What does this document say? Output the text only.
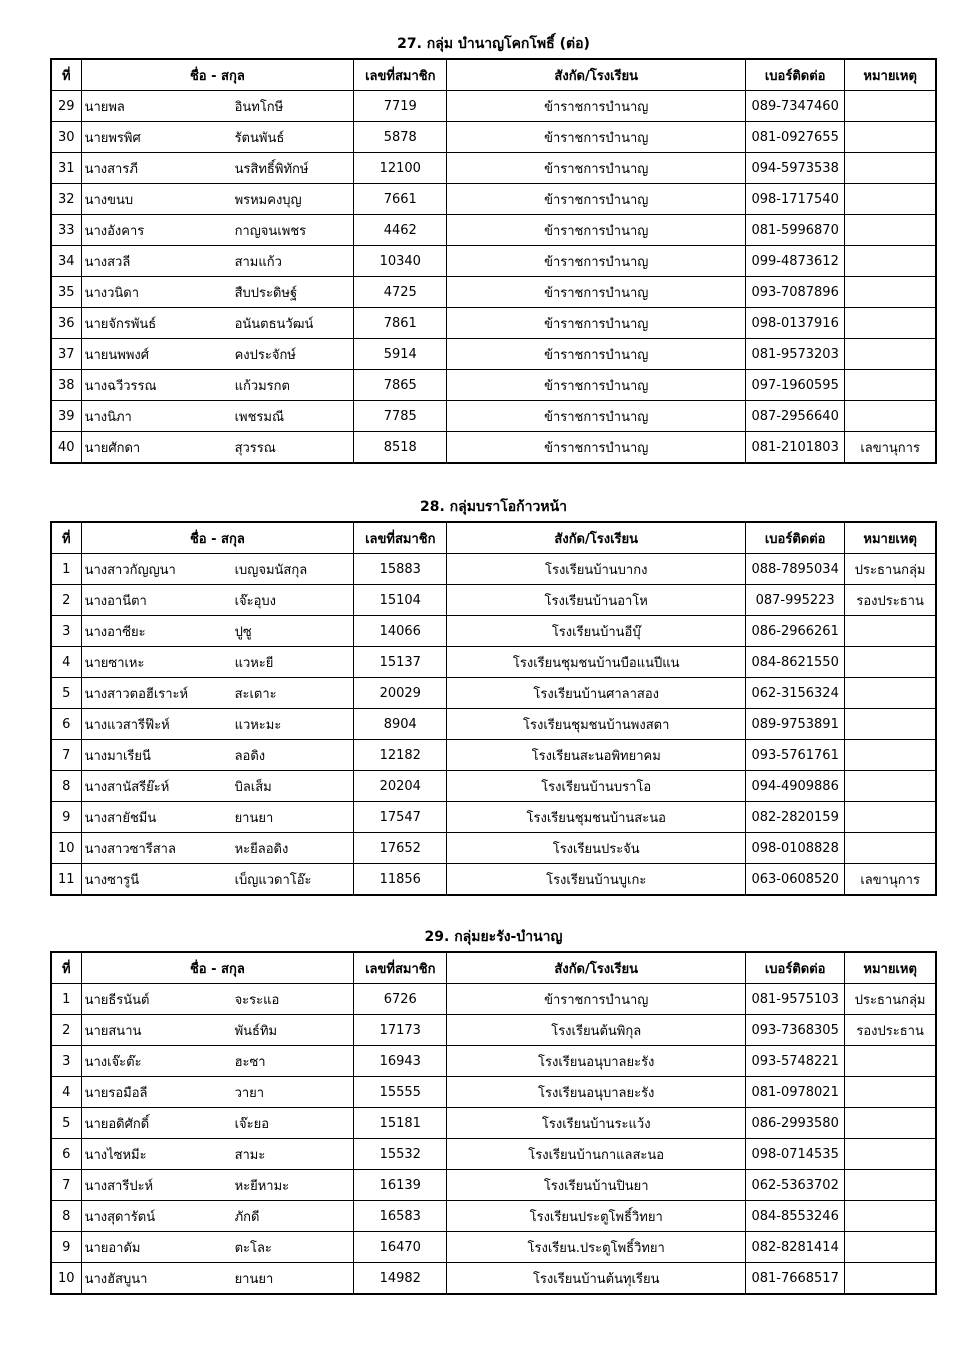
27. กลุ่ม บำนาญโคกโพธิ์ (ต่อ)
ที่	ชื่อ - สกุล	เลขที่สมาชิก	สังกัด/โรงเรียน	เบอร์ติดต่อ	หมายเหตุ
29	นายพล อินทโกษี	7719	ข้าราชการบำนาญ	089-7347460	
30	นายพรพิศ รัตนพันธ์	5878	ข้าราชการบำนาญ	081-0927655	
31	นางสารภี นรสิทธิ์พิทักษ์	12100	ข้าราชการบำนาญ	094-5973538	
32	นางขนบ พรหมคงบุญ	7661	ข้าราชการบำนาญ	098-1717540	
33	นางอังคาร กาญจนเพชร	4462	ข้าราชการบำนาญ	081-5996870	
34	นางสวลี สามแก้ว	10340	ข้าราชการบำนาญ	099-4873612	
35	นางวนิดา สืบประดิษฐ์	4725	ข้าราชการบำนาญ	093-7087896	
36	นายจักรพันธ์ อนันตธนวัฒน์	7861	ข้าราชการบำนาญ	098-0137916	
37	นายนพพงศ์ คงประจักษ์	5914	ข้าราชการบำนาญ	081-9573203	
38	นางฉวีวรรณ แก้วมรกต	7865	ข้าราชการบำนาญ	097-1960595	
39	นางนิภา เพชรมณี	7785	ข้าราชการบำนาญ	087-2956640	
40	นายศักดา สุวรรณ	8518	ข้าราชการบำนาญ	081-2101803	เลขานุการ
28. กลุ่มบราโอก้าวหน้า
ที่	ชื่อ - สกุล	เลขที่สมาชิก	สังกัด/โรงเรียน	เบอร์ติดต่อ	หมายเหตุ
1	นางสาวกัญญนา เบญจมนัสกุล	15883	โรงเรียนบ้านบากง	088-7895034	ประธานกลุ่ม
2	นางอานีตา เจ๊ะอุบง	15104	โรงเรียนบ้านอาโห	087-995223	รองประธาน
3	นางอาซียะ ปูซู	14066	โรงเรียนบ้านอีบุ๊	086-2966261	
4	นายซาเหะ แวหะยี	15137	โรงเรียนชุมชนบ้านบือแนปีแน	084-8621550	
5	นางสาวตอฮีเราะห์ สะเตาะ	20029	โรงเรียนบ้านศาลาสอง	062-3156324	
6	นางแวสารีฟ๊ะห์ แวหะมะ	8904	โรงเรียนชุมชนบ้านพงสตา	089-9753891	
7	นางมาเรียนี ลอดิง	12182	โรงเรียนสะนอพิทยาคม	093-5761761	
8	นางสานัสรีย๊ะห์ บิลเส็ม	20204	โรงเรียนบ้านบราโอ	094-4909886	
9	นางสายัชมีน ยานยา	17547	โรงเรียนชุมชนบ้านสะนอ	082-2820159	
10	นางสาวซารีสาล หะยีลอดิง	17652	โรงเรียนประจัน	098-0108828	
11	นางซารูนี เบ็ญแวดาโอ๊ะ	11856	โรงเรียนบ้านบูเกะ	063-0608520	เลขานุการ
29. กลุ่มยะรัง-บำนาญ
ที่	ชื่อ - สกุล	เลขที่สมาชิก	สังกัด/โรงเรียน	เบอร์ติดต่อ	หมายเหตุ
1	นายธีรนันต์ จะระแอ	6726	ข้าราชการบำนาญ	081-9575103	ประธานกลุ่ม
2	นายสนาน พันธ์ทิม	17173	โรงเรียนต้นพิกุล	093-7368305	รองประธาน
3	นางเจ๊ะต๊ะ ฮะซา	16943	โรงเรียนอนุบาลยะรัง	093-5748221	
4	นายรอมือลี วายา	15555	โรงเรียนอนุบาลยะรัง	081-0978021	
5	นายอดิศักดิ์ เจ๊ะยอ	15181	โรงเรียนบ้านระแว้ง	086-2993580	
6	นางไซหมีะ สามะ	15532	โรงเรียนบ้านกาแลสะนอ	098-0714535	
7	นางสารีปะห์ หะยีหามะ	16139	โรงเรียนบ้านปินยา	062-5363702	
8	นางสุดารัตน์ ภักดี	16583	โรงเรียนประตูโพธิ์วิทยา	084-8553246	
9	นายอาดัม ตะโละ	16470	โรงเรียน.ประตูโพธิ์วิทยา	082-8281414	
10	นางฮัสบูนา ยานยา	14982	โรงเรียนบ้านต้นทุเรียน	081-7668517	
